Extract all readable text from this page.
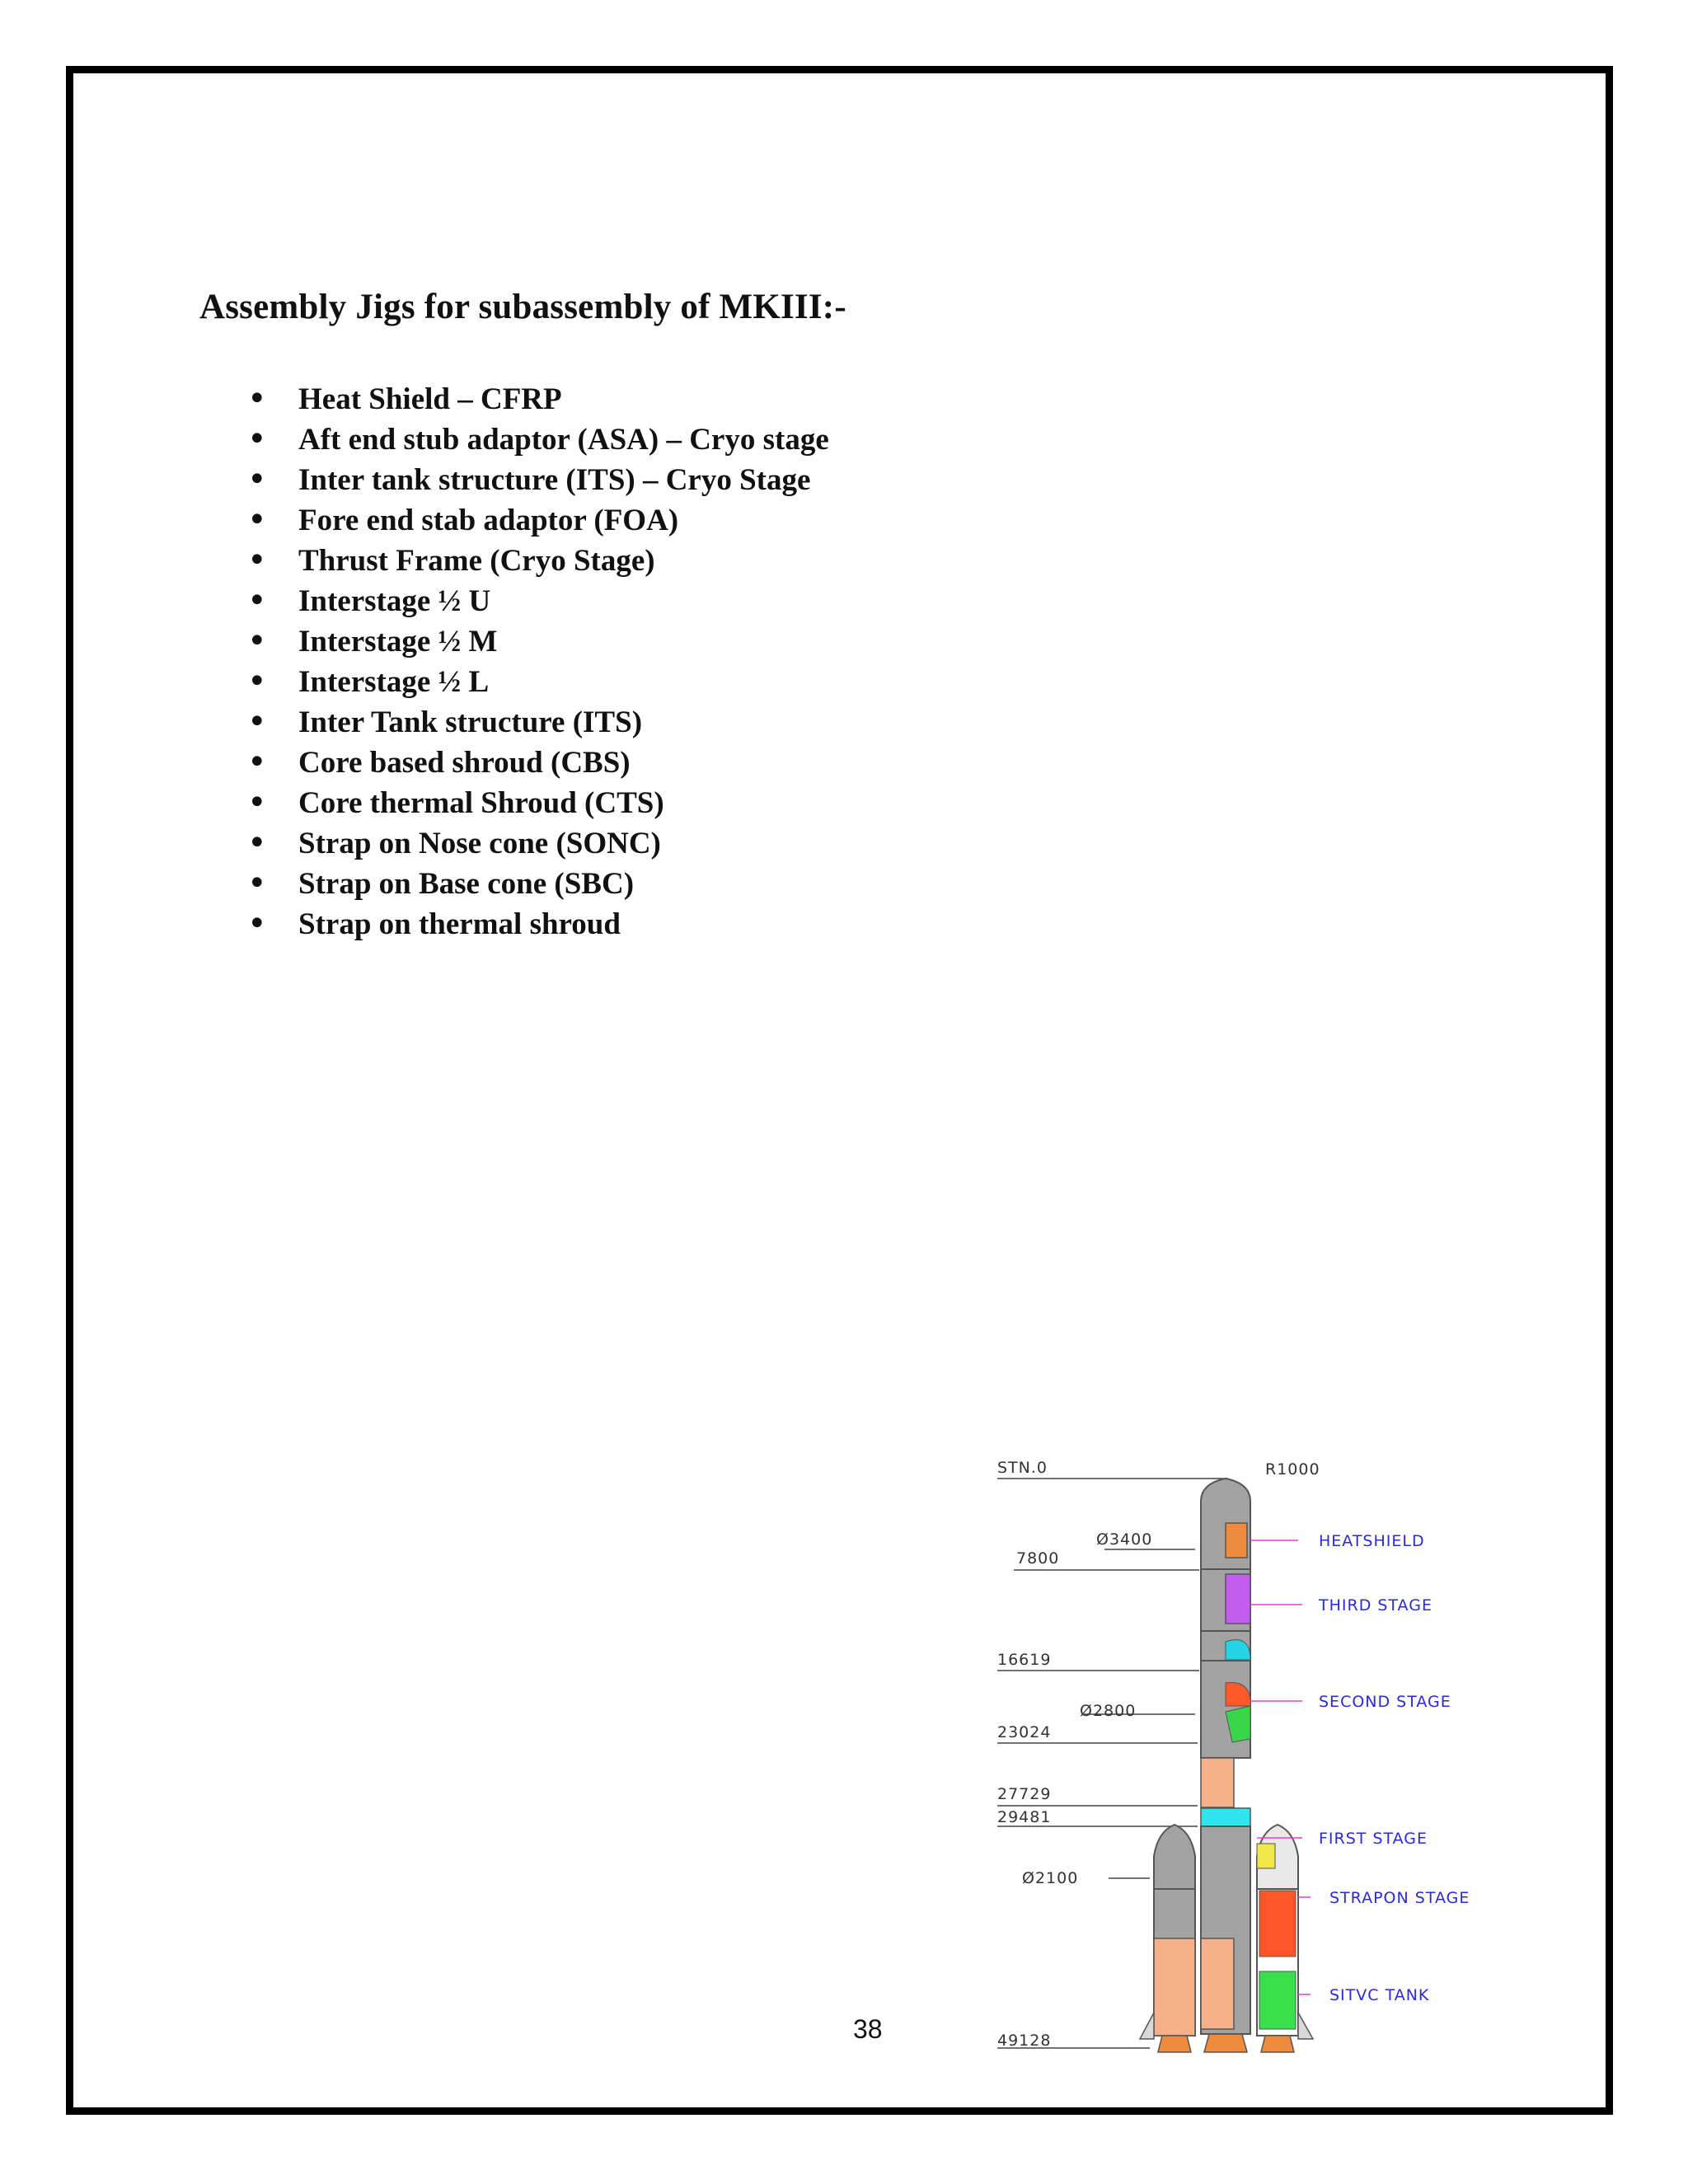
Assembly Jigs for subassembly of MKIII:-
• Heat Shield – CFRP
• Aft end stub adaptor (ASA) – Cryo stage
• Inter tank structure (ITS) – Cryo Stage
• Fore end stab adaptor (FOA)
• Thrust Frame (Cryo Stage)
• Interstage ½ U
• Interstage ½ M
• Interstage ½ L
• Inter Tank structure (ITS)
• Core based shroud (CBS)
• Core thermal Shroud (CTS)
• Strap on Nose cone (SONC)
• Strap on Base cone (SBC)
• Strap on thermal shroud
STN.0
7800
16619
23024
27729
29481
49128
Ø3400
Ø2800
Ø2100
R1000
HEATSHIELD
THIRD STAGE
SECOND STAGE
FIRST STAGE
STRAPON STAGE
SITVC TANK
38
